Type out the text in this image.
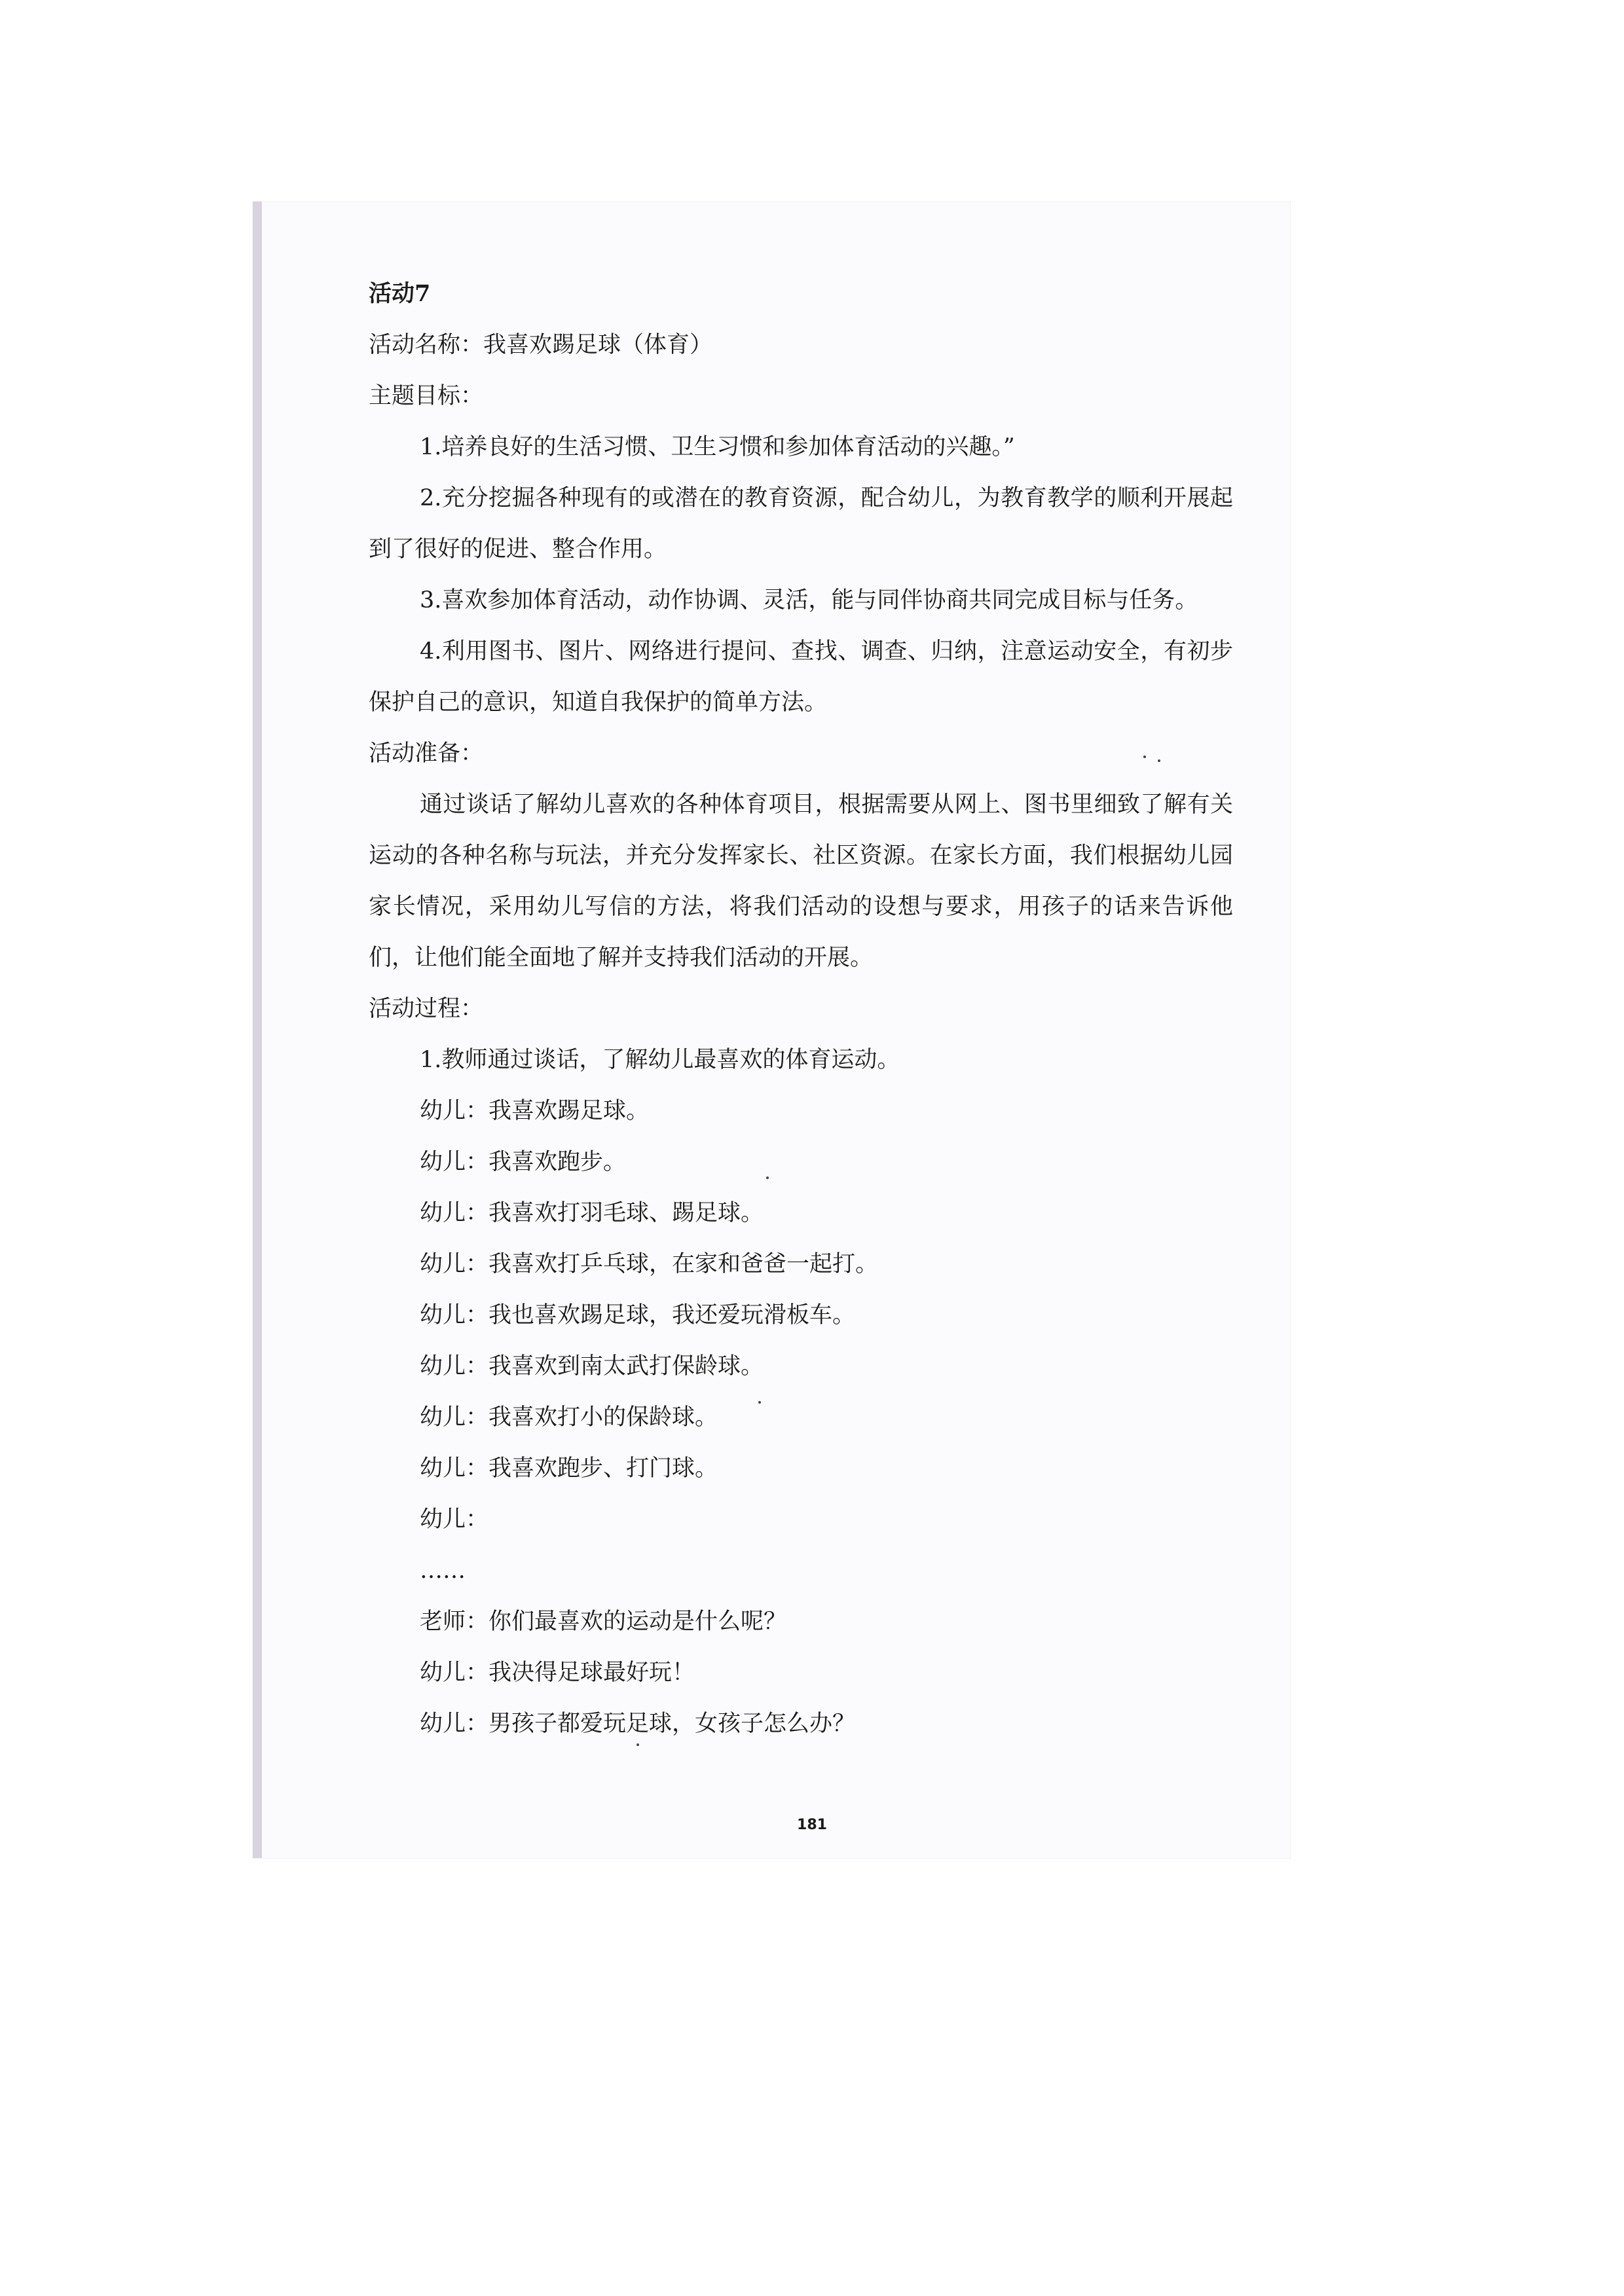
活动7
活动名称：我喜欢踢足球（体育）
主题目标：
1.培养良好的生活习惯、卫生习惯和参加体育活动的兴趣。”
2.充分挖掘各种现有的或潜在的教育资源，配合幼儿，为教育教学的顺利开展起到了很好的促进、整合作用。
3.喜欢参加体育活动，动作协调、灵活，能与同伴协商共同完成目标与任务。
4.利用图书、图片、网络进行提问、查找、调查、归纳，注意运动安全，有初步保护自己的意识，知道自我保护的简单方法。
活动准备：
通过谈话了解幼儿喜欢的各种体育项目，根据需要从网上、图书里细致了解有关运动的各种名称与玩法，并充分发挥家长、社区资源。在家长方面，我们根据幼儿园家长情况，采用幼儿写信的方法，将我们活动的设想与要求，用孩子的话来告诉他们，让他们能全面地了解并支持我们活动的开展。
活动过程：
1.教师通过谈话，了解幼儿最喜欢的体育运动。
幼儿：我喜欢踢足球。
幼儿：我喜欢跑步。
幼儿：我喜欢打羽毛球、踢足球。
幼儿：我喜欢打乒乓球，在家和爸爸一起打。
幼儿：我也喜欢踢足球，我还爱玩滑板车。
幼儿：我喜欢到南太武打保龄球。
幼儿：我喜欢打小的保龄球。
幼儿：我喜欢跑步、打门球。
幼儿：
……
老师：你们最喜欢的运动是什么呢？
幼儿：我决得足球最好玩！
幼儿：男孩子都爱玩足球，女孩子怎么办？
181
